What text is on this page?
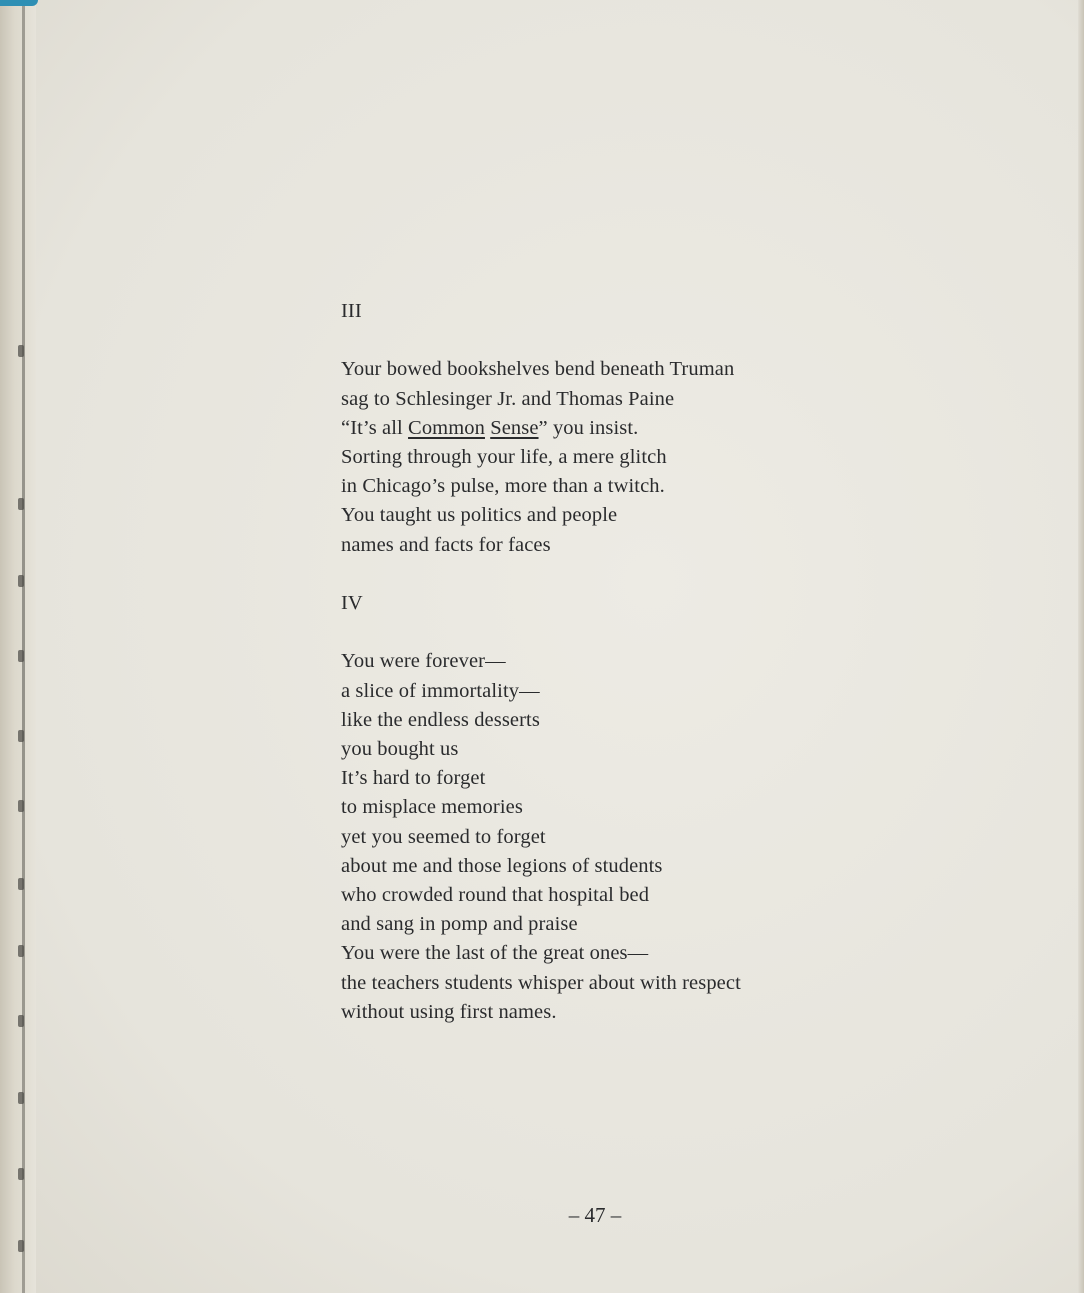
III

Your bowed bookshelves bend beneath Truman

sag to Schlesinger Jr. and Thomas Paine

“It’s all Common Sense” you insist.

Sorting through your life, a mere glitch

in Chicago’s pulse, more than a twitch.

You taught us politics and people

names and facts for faces

IV

You were forever—

a slice of immortality—

like the endless desserts

you bought us

It’s hard to forget

to misplace memories

yet you seemed to forget

about me and those legions of students

who crowded round that hospital bed

and sang in pomp and praise

You were the last of the great ones—

the teachers students whisper about with respect

without using first names.

– 47 –
